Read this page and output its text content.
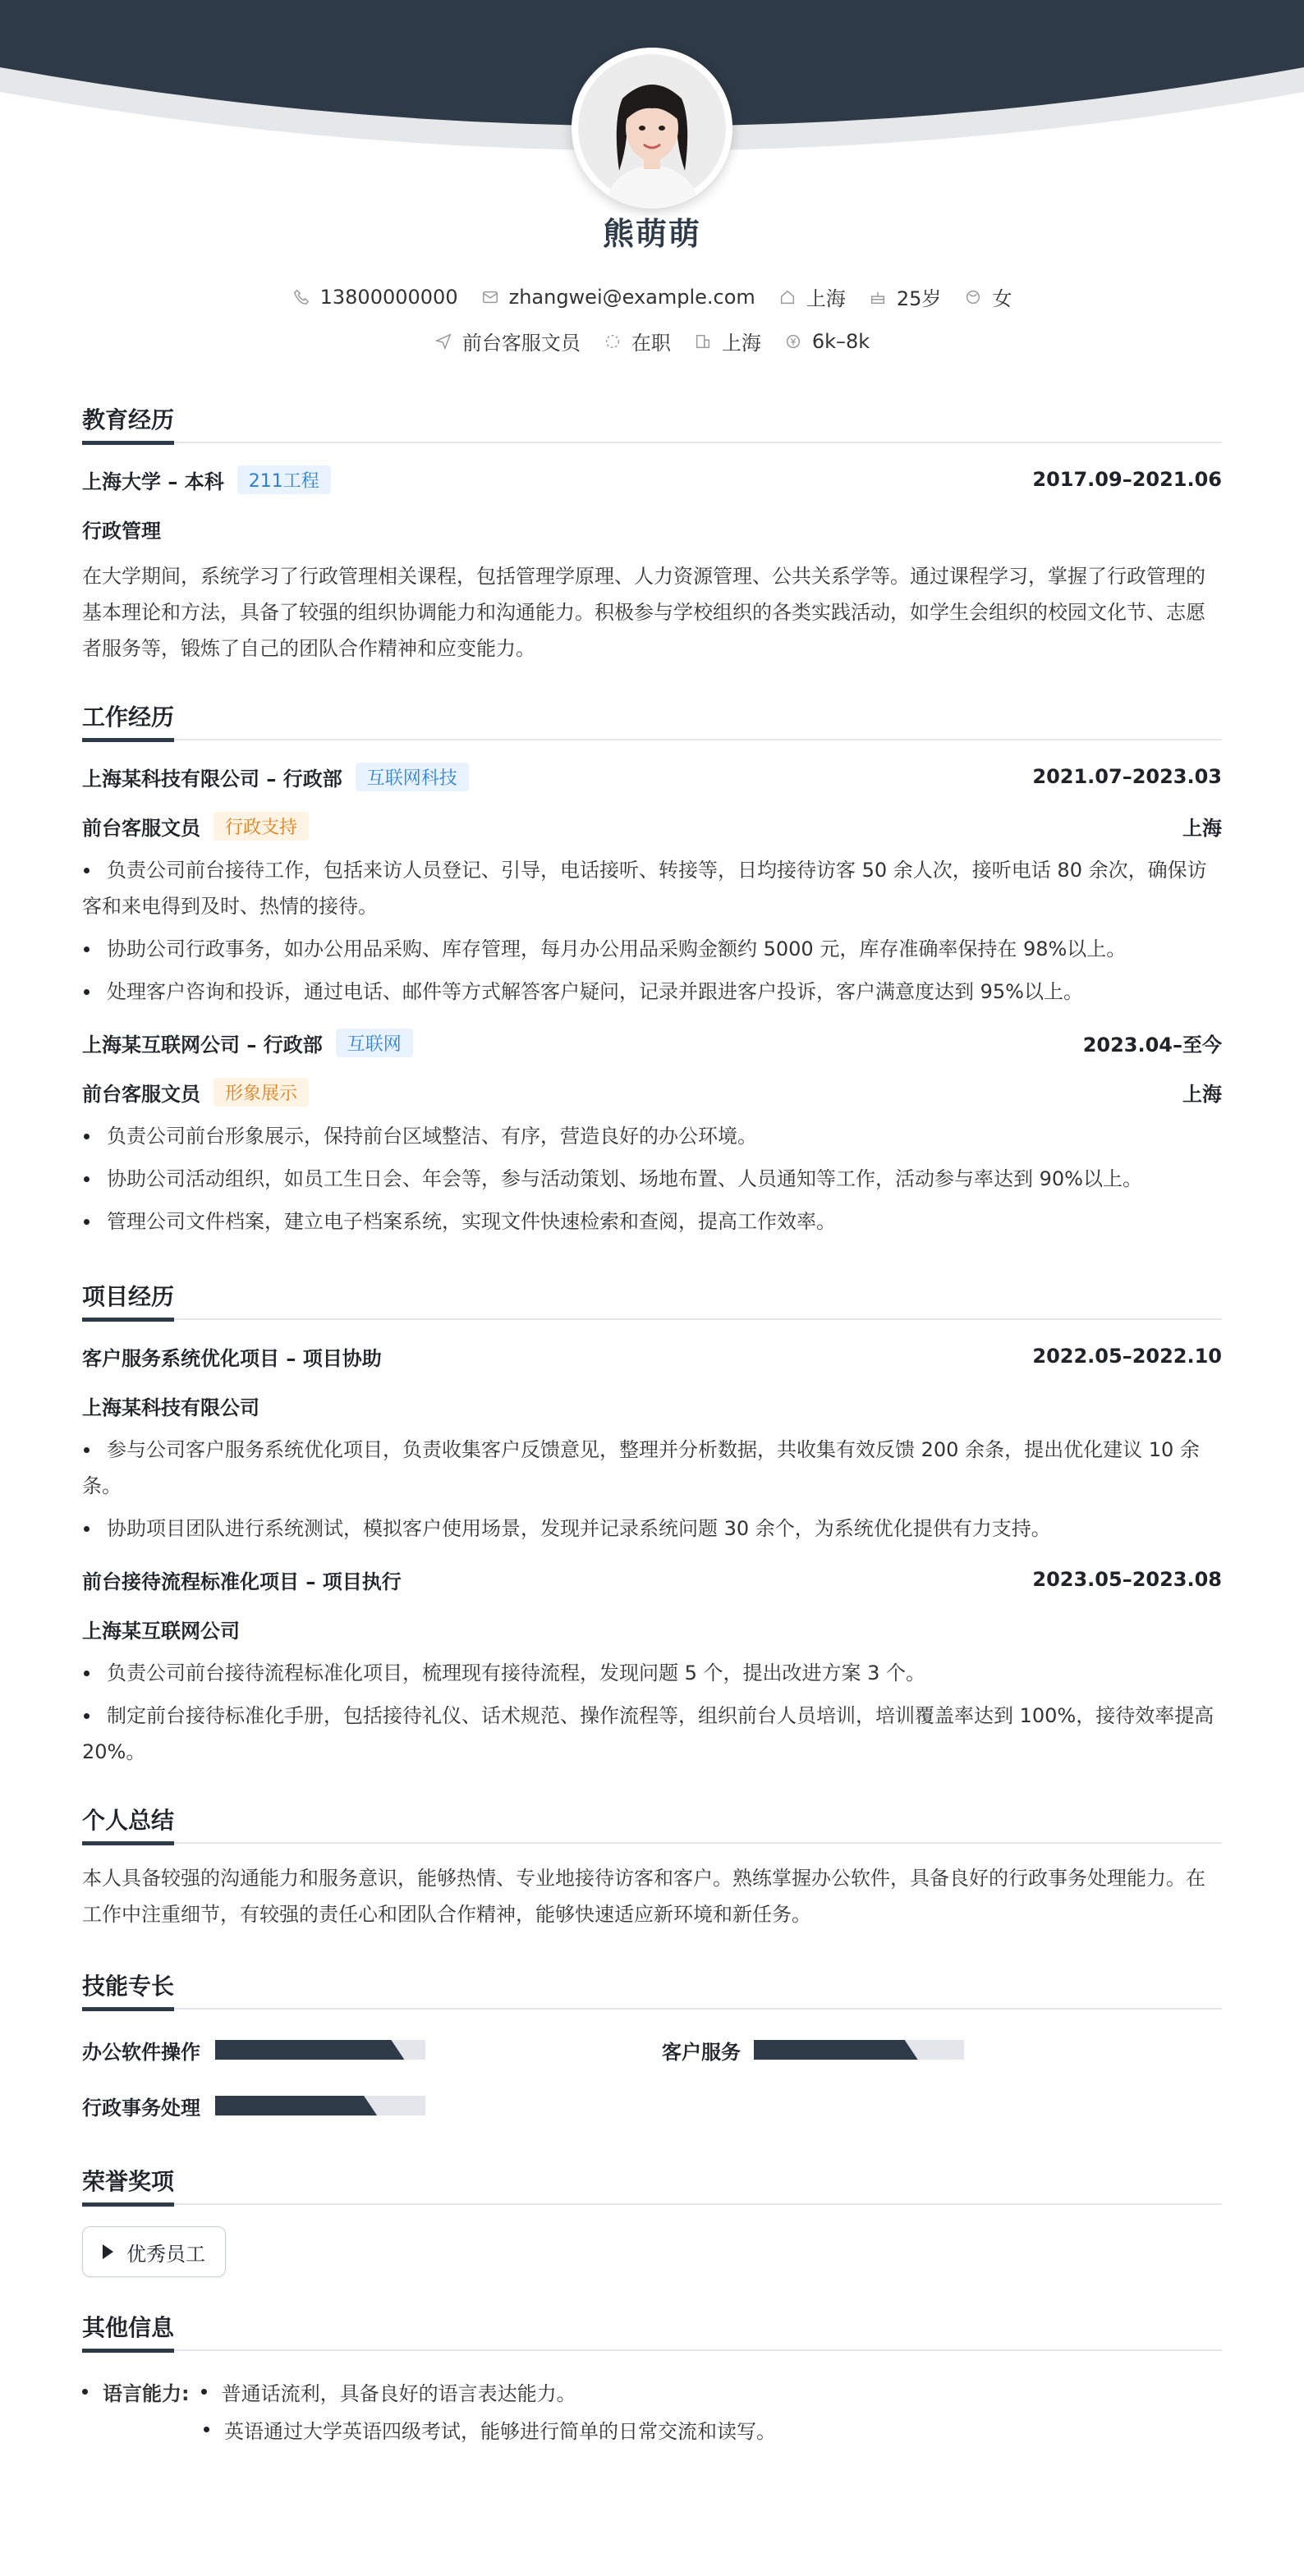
熊萌萌
13800000000	zhangwei@example.com	上海	25岁	女
前台客服文员	在职	上海	6k–8k
教育经历
上海大学 – 本科	211工程	2017.09–2021.06
行政管理
在大学期间，系统学习了行政管理相关课程，包括管理学原理、人力资源管理、公共关系学等。通过课程学习，掌握了行政管理的基本理论和方法，具备了较强的组织协调能力和沟通能力。积极参与学校组织的各类实践活动，如学生会组织的校园文化节、志愿者服务等，锻炼了自己的团队合作精神和应变能力。
工作经历
上海某科技有限公司 – 行政部	互联网科技	2021.07–2023.03
前台客服文员	行政支持	上海
负责公司前台接待工作，包括来访人员登记、引导，电话接听、转接等，日均接待访客 50 余人次，接听电话 80 余次，确保访客和来电得到及时、热情的接待。
协助公司行政事务，如办公用品采购、库存管理，每月办公用品采购金额约 5000 元，库存准确率保持在 98%以上。
处理客户咨询和投诉，通过电话、邮件等方式解答客户疑问，记录并跟进客户投诉，客户满意度达到 95%以上。
上海某互联网公司 – 行政部	互联网	2023.04–至今
前台客服文员	形象展示	上海
负责公司前台形象展示，保持前台区域整洁、有序，营造良好的办公环境。
协助公司活动组织，如员工生日会、年会等，参与活动策划、场地布置、人员通知等工作，活动参与率达到 90%以上。
管理公司文件档案，建立电子档案系统，实现文件快速检索和查阅，提高工作效率。
项目经历
客户服务系统优化项目 – 项目协助	2022.05–2022.10
上海某科技有限公司
参与公司客户服务系统优化项目，负责收集客户反馈意见，整理并分析数据，共收集有效反馈 200 余条，提出优化建议 10 余条。
协助项目团队进行系统测试，模拟客户使用场景，发现并记录系统问题 30 余个，为系统优化提供有力支持。
前台接待流程标准化项目 – 项目执行	2023.05–2023.08
上海某互联网公司
负责公司前台接待流程标准化项目，梳理现有接待流程，发现问题 5 个，提出改进方案 3 个。
制定前台接待标准化手册，包括接待礼仪、话术规范、操作流程等，组织前台人员培训，培训覆盖率达到 100%，接待效率提高 20%。
个人总结
本人具备较强的沟通能力和服务意识，能够热情、专业地接待访客和客户。熟练掌握办公软件，具备良好的行政事务处理能力。在工作中注重细节，有较强的责任心和团队合作精神，能够快速适应新环境和新任务。
技能专长
办公软件操作	客户服务
行政事务处理
荣誉奖项
优秀员工
其他信息
语言能力: 普通话流利，具备良好的语言表达能力。
英语通过大学英语四级考试，能够进行简单的日常交流和读写。
